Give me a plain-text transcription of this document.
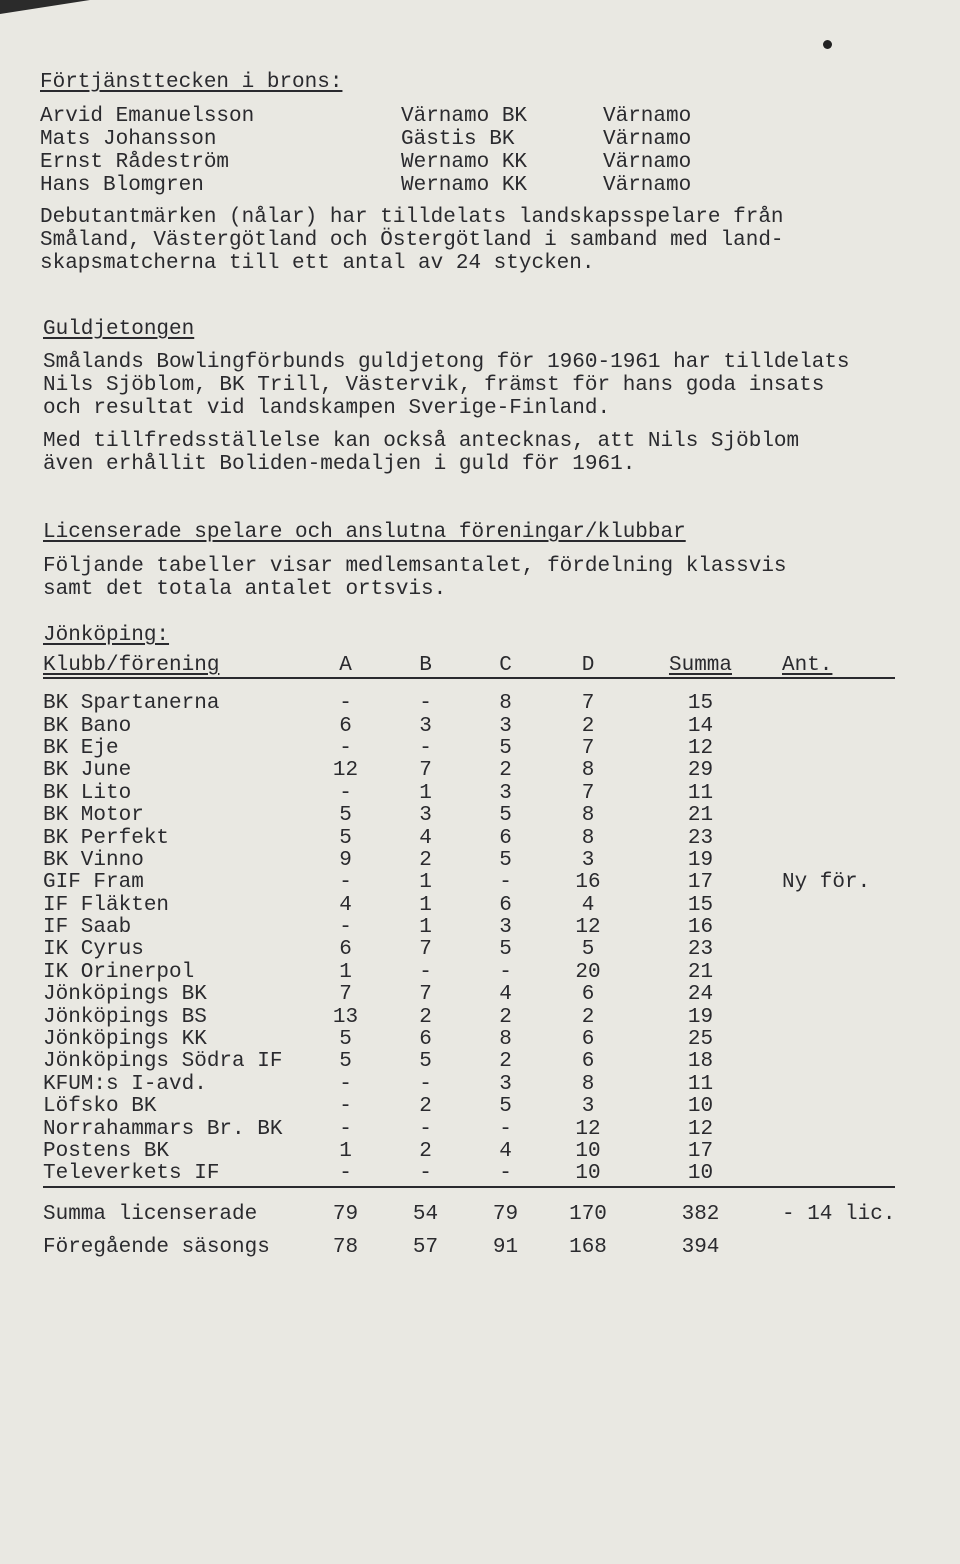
Förtjänsttecken i brons:
Arvid Emanuelsson	Värnamo BK	Värnamo
Mats Johansson	Gästis BK	Värnamo
Ernst Rådeström	Wernamo KK	Värnamo
Hans Blomgren	Wernamo KK	Värnamo
Debutantmärken (nålar) har tilldelats landskapsspelare från
Småland, Västergötland och Östergötland i samband med land-
skapsmatcherna till ett antal av 24 stycken.
Guldjetongen
Smålands Bowlingförbunds guldjetong för 1960-1961 har tilldelats
Nils Sjöblom, BK Trill, Västervik, främst för hans goda insats
och resultat vid landskampen Sverige-Finland.
Med tillfredsställelse kan också antecknas, att Nils Sjöblom
även erhållit Boliden-medaljen i guld för 1961.
Licenserade spelare och anslutna föreningar/klubbar
Följande tabeller visar medlemsantalet, fördelning klassvis
samt det totala antalet ortsvis.
Jönköping:
Klubb/förening	A	B	C	D	Summa	Ant.

BK Spartanerna	-	-	8	7	15	
BK Bano	6	3	3	2	14	
BK Eje	-	-	5	7	12	
BK June	12	7	2	8	29	
BK Lito	-	1	3	7	11	
BK Motor	5	3	5	8	21	
BK Perfekt	5	4	6	8	23	
BK Vinno	9	2	5	3	19	
GIF Fram	-	1	-	16	17	Ny för.
IF Fläkten	4	1	6	4	15	
IF Saab	-	1	3	12	16	
IK Cyrus	6	7	5	5	23	
IK Orinerpol	1	-	-	20	21	
Jönköpings BK	7	7	4	6	24	
Jönköpings BS	13	2	2	2	19	
Jönköpings KK	5	6	8	6	25	
Jönköpings Södra IF	5	5	2	6	18	
KFUM:s I-avd.	-	-	3	8	11	
Löfsko BK	-	2	5	3	10	
Norrahammars Br. BK	-	-	-	12	12	
Postens BK	1	2	4	10	17	
Televerkets IF	-	-	-	10	10	

Summa licenserade	79	54	79	170	382	- 14 lic.
Föregående säsongs	78	57	91	168	394	
